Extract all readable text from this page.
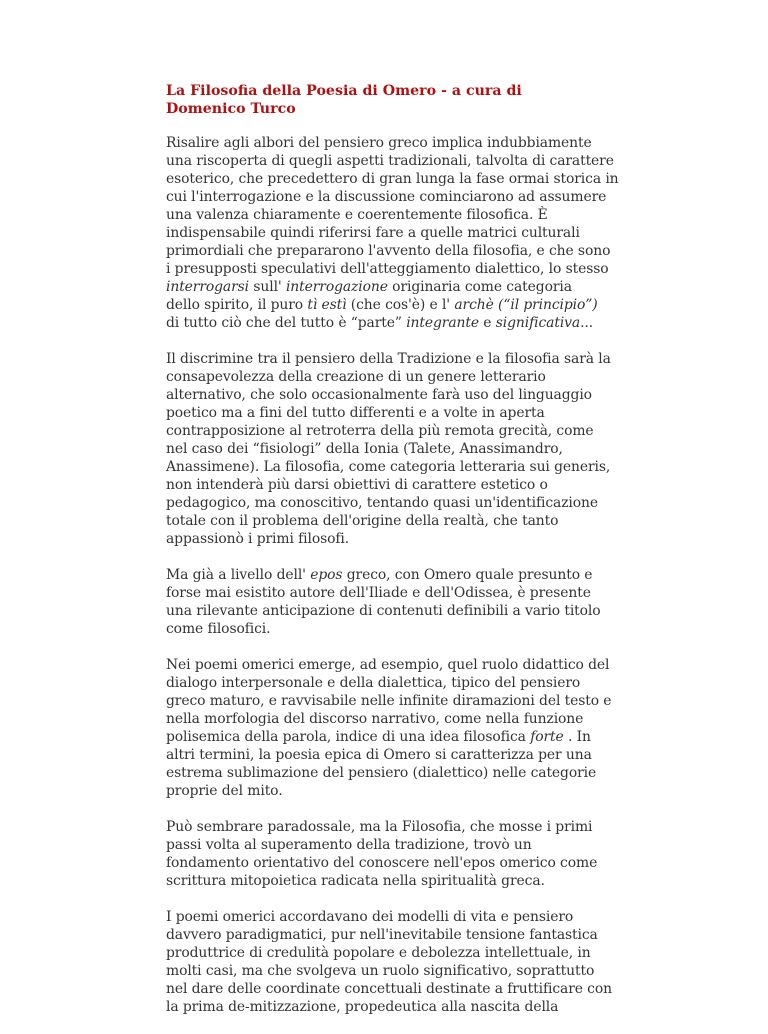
La Filosofia della Poesia di Omero - a cura di
Domenico Turco

Risalire agli albori del pensiero greco implica indubbiamente
una riscoperta di quegli aspetti tradizionali, talvolta di carattere
esoterico, che precedettero di gran lunga la fase ormai storica in
cui l'interrogazione e la discussione cominciarono ad assumere
una valenza chiaramente e coerentemente filosofica. È
indispensabile quindi riferirsi fare a quelle matrici culturali
primordiali che prepararono l'avvento della filosofia, e che sono
i presupposti speculativi dell'atteggiamento dialettico, lo stesso
interrogarsi sull' interrogazione originaria come categoria
dello spirito, il puro tì estì (che cos'è) e l' archè (“il principio”)
di tutto ciò che del tutto è “parte” integrante e significativa...

Il discrimine tra il pensiero della Tradizione e la filosofia sarà la
consapevolezza della creazione di un genere letterario
alternativo, che solo occasionalmente farà uso del linguaggio
poetico ma a fini del tutto differenti e a volte in aperta
contrapposizione al retroterra della più remota grecità, come
nel caso dei “fisiologi” della Ionia (Talete, Anassimandro,
Anassimene). La filosofia, come categoria letteraria sui generis,
non intenderà più darsi obiettivi di carattere estetico o
pedagogico, ma conoscitivo, tentando quasi un'identificazione
totale con il problema dell'origine della realtà, che tanto
appassionò i primi filosofi.

Ma già a livello dell' epos greco, con Omero quale presunto e
forse mai esistito autore dell'Iliade e dell'Odissea, è presente
una rilevante anticipazione di contenuti definibili a vario titolo
come filosofici.

Nei poemi omerici emerge, ad esempio, quel ruolo didattico del
dialogo interpersonale e della dialettica, tipico del pensiero
greco maturo, e ravvisabile nelle infinite diramazioni del testo e
nella morfologia del discorso narrativo, come nella funzione
polisemica della parola, indice di una idea filosofica forte . In
altri termini, la poesia epica di Omero si caratterizza per una
estrema sublimazione del pensiero (dialettico) nelle categorie
proprie del mito.

Può sembrare paradossale, ma la Filosofia, che mosse i primi
passi volta al superamento della tradizione, trovò un
fondamento orientativo del conoscere nell'epos omerico come
scrittura mitopoietica radicata nella spiritualità greca.

I poemi omerici accordavano dei modelli di vita e pensiero
davvero paradigmatici, pur nell'inevitabile tensione fantastica
produttrice di credulità popolare e debolezza intellettuale, in
molti casi, ma che svolgeva un ruolo significativo, soprattutto
nel dare delle coordinate concettuali destinate a fruttificare con
la prima de-mitizzazione, propedeutica alla nascita della
